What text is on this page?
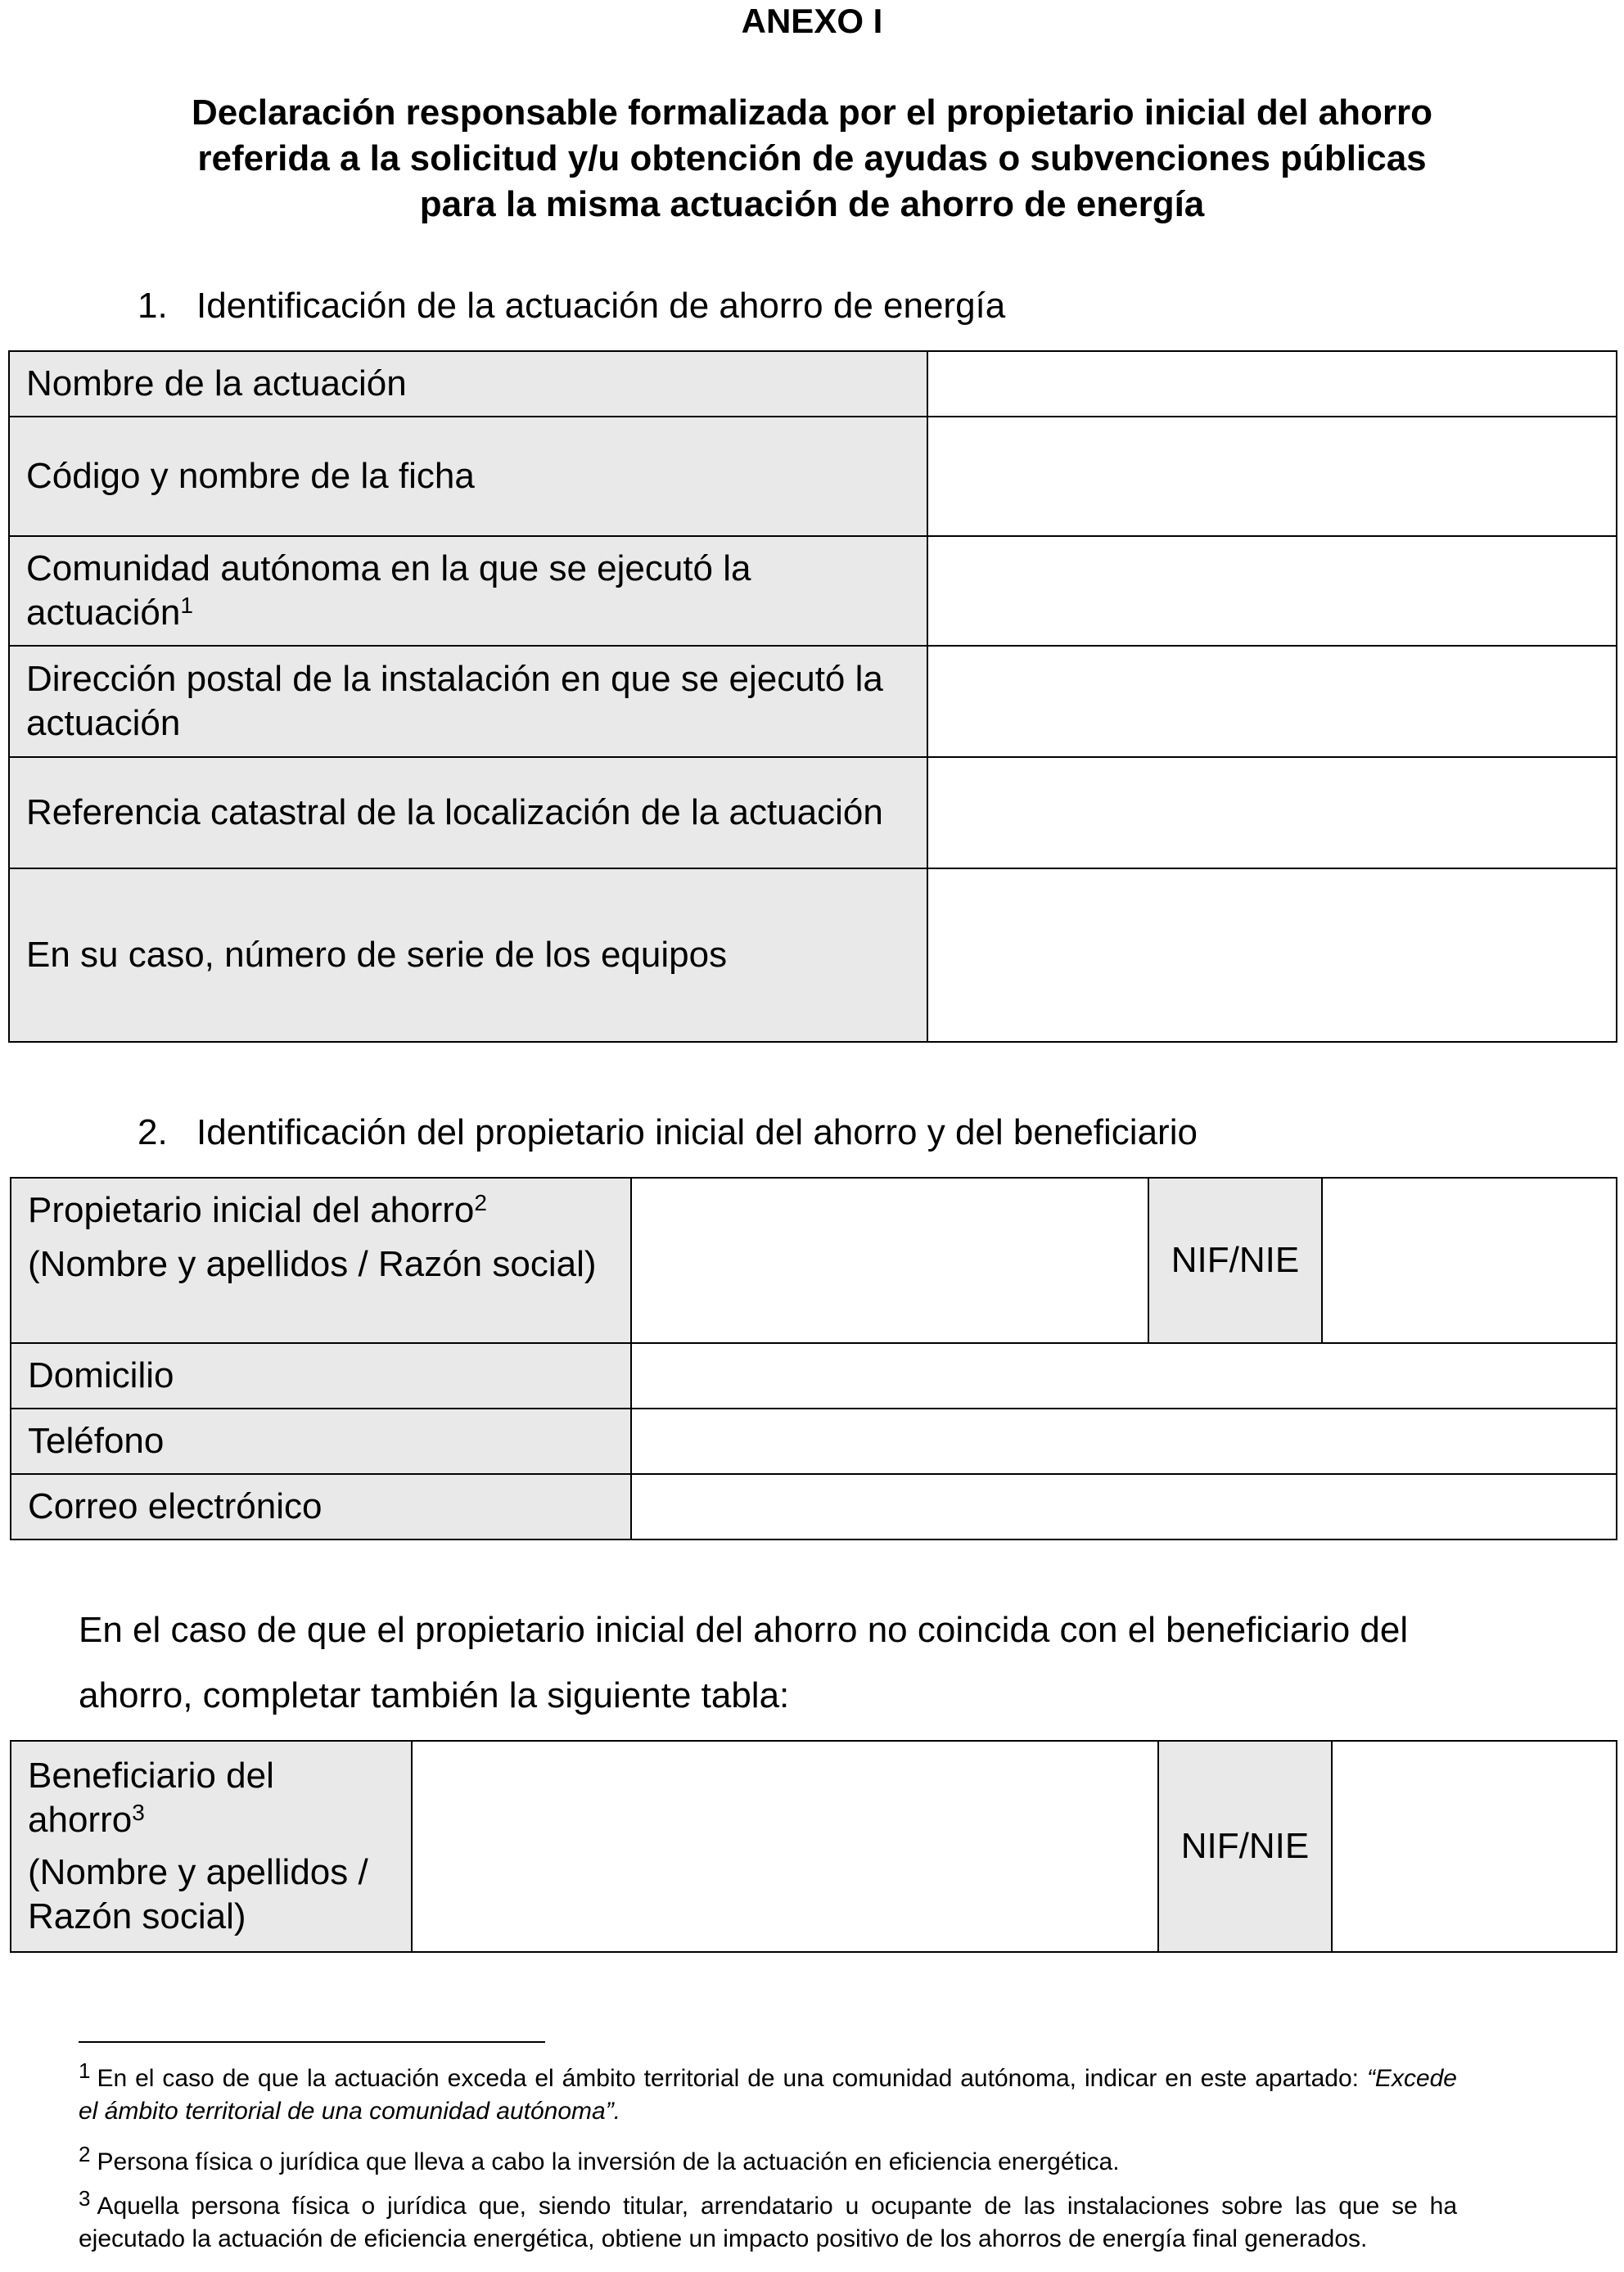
ANEXO I
Declaración responsable formalizada por el propietario inicial del ahorro
referida a la solicitud y/u obtención de ayudas o subvenciones públicas
para la misma actuación de ahorro de energía
1. Identificación de la actuación de ahorro de energía
Nombre de la actuación	
Código y nombre de la ficha	
Comunidad autónoma en la que se ejecutó la actuación$^1$	
Dirección postal de la instalación en que se ejecutó la actuación	
Referencia catastral de la localización de la actuación	
En su caso, número de serie de los equipos	
2. Identificación del propietario inicial del ahorro y del beneficiario
Propietario inicial del ahorro$^2$
(Nombre y apellidos / Razón social)		NIF/NIE	
Domicilio			
Teléfono			
Correo electrónico			
En el caso de que el propietario inicial del ahorro no coincida con el beneficiario del ahorro, completar también la siguiente tabla:
Beneficiario del ahorro$^3$
(Nombre y apellidos / Razón social)
		NIF/NIE	
1 En el caso de que la actuación exceda el ámbito territorial de una comunidad autónoma, indicar en este apartado: “Excede el ámbito territorial de una comunidad autónoma”.
2 Persona física o jurídica que lleva a cabo la inversión de la actuación en eficiencia energética.
3 Aquella persona física o jurídica que, siendo titular, arrendatario u ocupante de las instalaciones sobre las que se ha ejecutado la actuación de eficiencia energética, obtiene un impacto positivo de los ahorros de energía final generados.
